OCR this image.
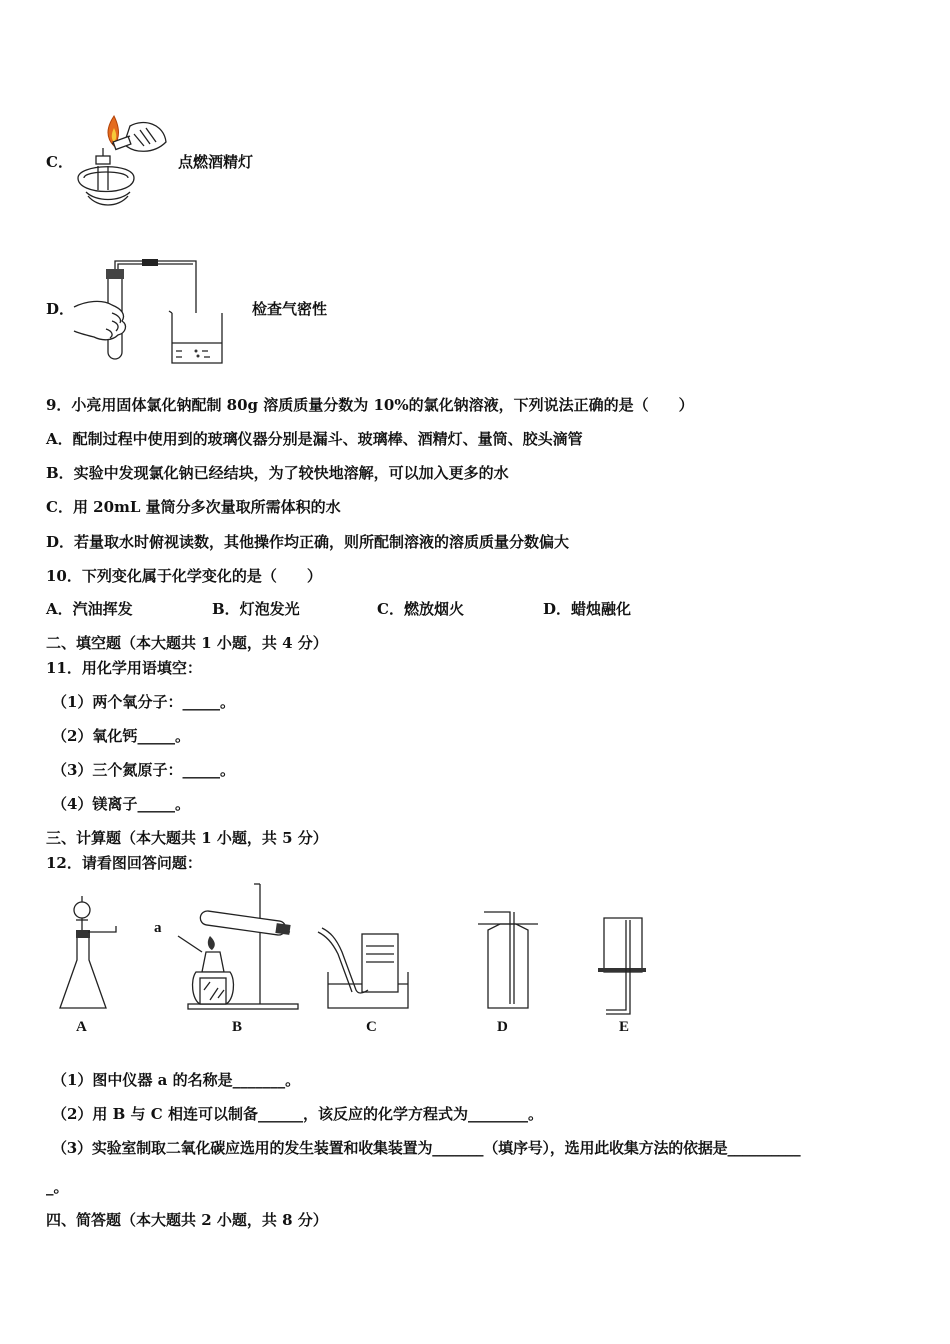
C．	点燃酒精灯
D．	检查气密性
9．小亮用固体氯化钠配制 80g 溶质质量分数为 10%的氯化钠溶液，下列说法正确的是（　　）
A．配制过程中使用到的玻璃仪器分别是漏斗、玻璃棒、酒精灯、量筒、胶头滴管
B．实验中发现氯化钠已经结块，为了较快地溶解，可以加入更多的水
C．用 20mL 量筒分多次量取所需体积的水
D．若量取水时俯视读数，其他操作均正确，则所配制溶液的溶质质量分数偏大
10．下列变化属于化学变化的是（　　）
A．汽油挥发	B．灯泡发光	C．燃放烟火	D．蜡烛融化
二、填空题（本大题共 1 小题，共 4 分）
11．用化学用语填空：
（1）两个氧分子：_____。
（2）氧化钙_____。
（3）三个氮原子：_____。
（4）镁离子_____。
三、计算题（本大题共 1 小题，共 5 分）
12．请看图回答问题：
A
a
B	C	D	E
（1）图中仪器 a 的名称是_______。
（2）用 B 与 C 相连可以制备______，该反应的化学方程式为________。
（3）实验室制取二氧化碳应选用的发生装置和收集装置为_______（填序号），选用此收集方法的依据是__________
_。
四、简答题（本大题共 2 小题，共 8 分）
